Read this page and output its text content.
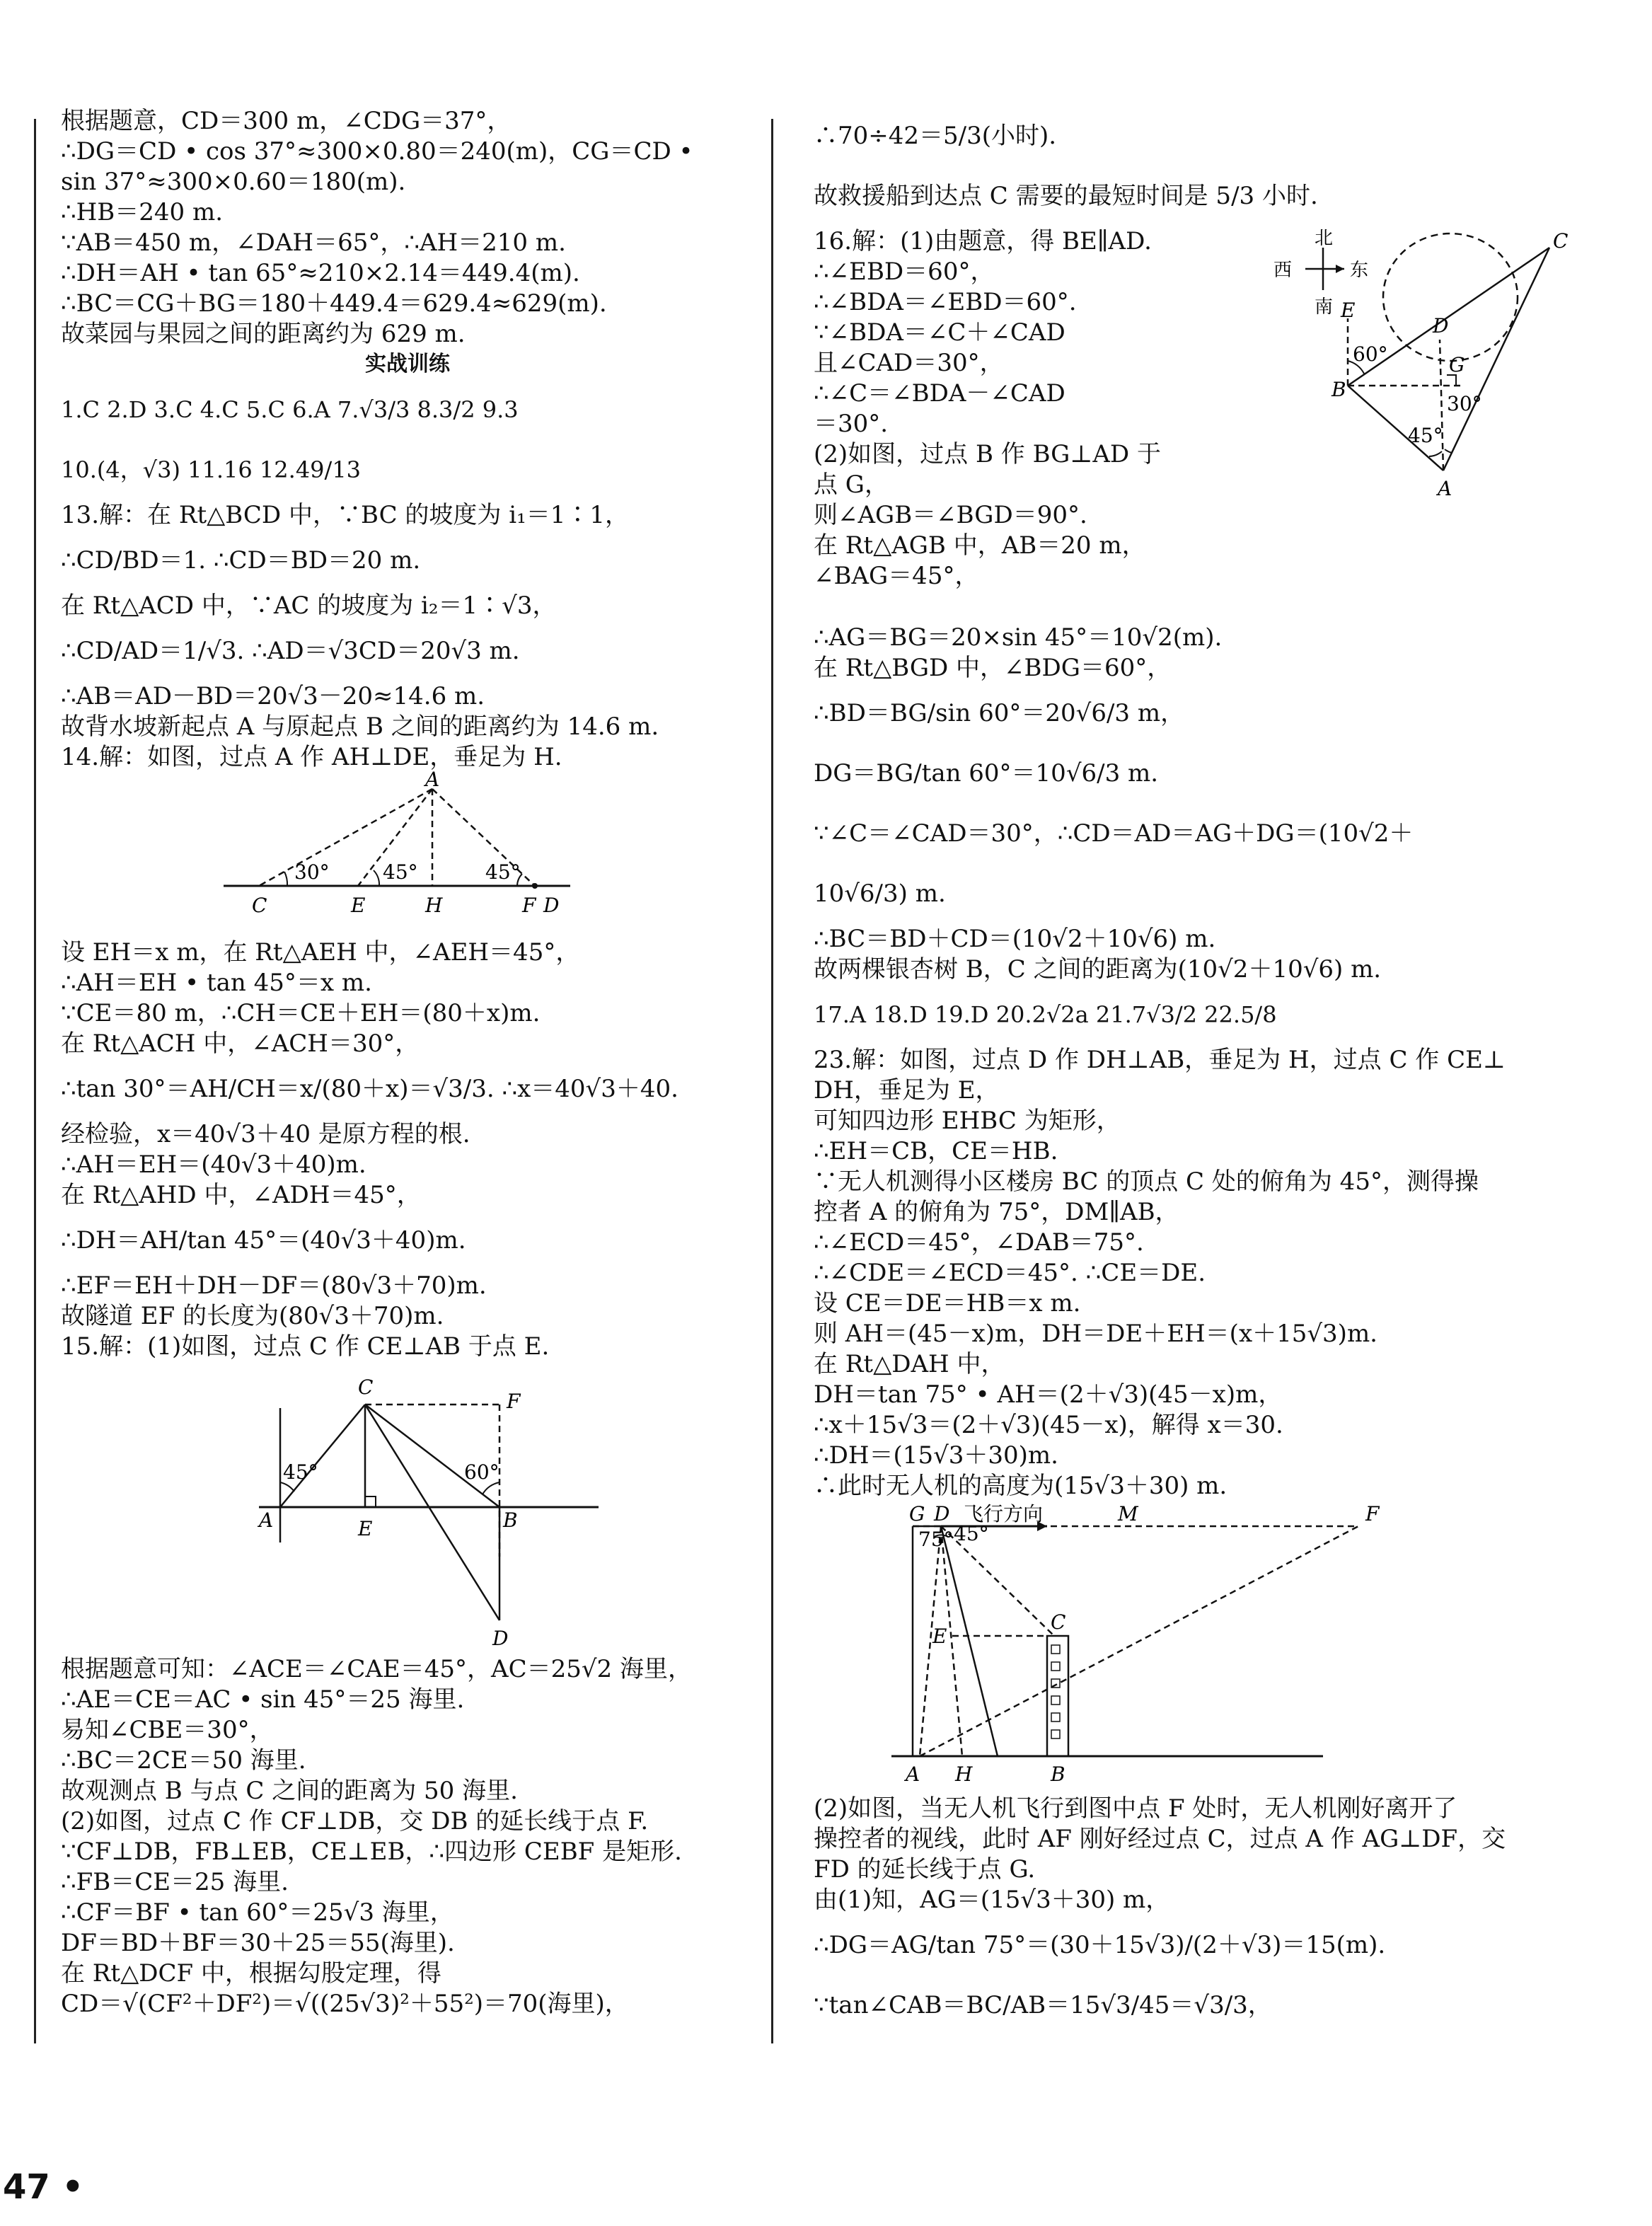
根据题意，CD＝300 m，∠CDG＝37°，
∴DG＝CD • cos 37°≈300×0.80＝240(m)，CG＝CD •
sin 37°≈300×0.60＝180(m).
∴HB＝240 m.
∵AB＝450 m，∠DAH＝65°，∴AH＝210 m.
∴DH＝AH • tan 65°≈210×2.14＝449.4(m).
∴BC＝CG＋BG＝180＋449.4＝629.4≈629(m).
故菜园与果园之间的距离约为 629 m.
实战训练
1.C 2.D 3.C 4.C 5.C 6.A 7.√3/3 8.3/2 9.3
10.(4，√3) 11.16 12.49/13
13.解：在 Rt△BCD 中，∵BC 的坡度为 i₁＝1∶1，
∴CD/BD＝1. ∴CD＝BD＝20 m.
在 Rt△ACD 中，∵AC 的坡度为 i₂＝1∶√3，
∴CD/AD＝1/√3. ∴AD＝√3CD＝20√3 m.
∴AB＝AD－BD＝20√3－20≈14.6 m.
故背水坡新起点 A 与原起点 B 之间的距离约为 14.6 m.
14.解：如图，过点 A 作 AH⊥DE，垂足为 H.
A
C	E	H	F D
30°	45°	45°
设 EH＝x m，在 Rt△AEH 中，∠AEH＝45°，
∴AH＝EH • tan 45°＝x m.
∵CE＝80 m，∴CH＝CE＋EH＝(80＋x)m.
在 Rt△ACH 中，∠ACH＝30°，
∴tan 30°＝AH/CH＝x/(80＋x)＝√3/3. ∴x＝40√3＋40.
经检验，x＝40√3＋40 是原方程的根.
∴AH＝EH＝(40√3＋40)m.
在 Rt△AHD 中，∠ADH＝45°，
∴DH＝AH/tan 45°＝(40√3＋40)m.
∴EF＝EH＋DH－DF＝(80√3＋70)m.
故隧道 EF 的长度为(80√3＋70)m.
15.解：(1)如图，过点 C 作 CE⊥AB 于点 E.
C
F
A	E	B
D
45°	60°
根据题意可知：∠ACE＝∠CAE＝45°，AC＝25√2 海里，
∴AE＝CE＝AC • sin 45°＝25 海里.
易知∠CBE＝30°，
∴BC＝2CE＝50 海里.
故观测点 B 与点 C 之间的距离为 50 海里.
(2)如图，过点 C 作 CF⊥DB，交 DB 的延长线于点 F.
∵CF⊥DB，FB⊥EB，CE⊥EB，∴四边形 CEBF 是矩形.
∴FB＝CE＝25 海里.
∴CF＝BF • tan 60°＝25√3 海里，
DF＝BD＋BF＝30＋25＝55(海里).
在 Rt△DCF 中，根据勾股定理，得
CD＝√(CF²＋DF²)＝√((25√3)²＋55²)＝70(海里)，
∴70÷42＝5/3(小时).
故救援船到达点 C 需要的最短时间是 5/3 小时.
16.解：(1)由题意，得 BE∥AD.
∴∠EBD＝60°，
∴∠BDA＝∠EBD＝60°.
∵∠BDA＝∠C＋∠CAD
且∠CAD＝30°，
∴∠C＝∠BDA－∠CAD
＝30°.
(2)如图，过点 B 作 BG⊥AD 于
点 G，
则∠AGB＝∠BGD＝90°.
在 Rt△AGB 中，AB＝20 m，
∠BAG＝45°，
北
西	东
南
C
E
D
G
B
A
60°
30°
45°
∴AG＝BG＝20×sin 45°＝10√2(m).
在 Rt△BGD 中，∠BDG＝60°，
∴BD＝BG/sin 60°＝20√6/3 m，
DG＝BG/tan 60°＝10√6/3 m.
∵∠C＝∠CAD＝30°，∴CD＝AD＝AG＋DG＝(10√2＋
10√6/3) m.
∴BC＝BD＋CD＝(10√2＋10√6) m.
故两棵银杏树 B，C 之间的距离为(10√2＋10√6) m.
17.A 18.D 19.D 20.2√2a 21.7√3/2 22.5/8
23.解：如图，过点 D 作 DH⊥AB，垂足为 H，过点 C 作 CE⊥
DH，垂足为 E，
可知四边形 EHBC 为矩形，
∴EH＝CB，CE＝HB.
∵无人机测得小区楼房 BC 的顶点 C 处的俯角为 45°，测得操
控者 A 的俯角为 75°，DM∥AB，
∴∠ECD＝45°，∠DAB＝75°.
∴∠CDE＝∠ECD＝45°. ∴CE＝DE.
设 CE＝DE＝HB＝x m.
则 AH＝(45－x)m，DH＝DE＋EH＝(x＋15√3)m.
在 Rt△DAH 中，
DH＝tan 75° • AH＝(2＋√3)(45－x)m，
∴x＋15√3＝(2＋√3)(45－x)，解得 x＝30.
∴DH＝(15√3＋30)m.
∴此时无人机的高度为(15√3＋30) m.
G D	M	F
C
E
A H	B
75° 45°
飞行方向
(2)如图，当无人机飞行到图中点 F 处时，无人机刚好离开了
操控者的视线，此时 AF 刚好经过点 C，过点 A 作 AG⊥DF，交
FD 的延长线于点 G.
由(1)知，AG＝(15√3＋30) m，
∴DG＝AG/tan 75°＝(30＋15√3)/(2＋√3)＝15(m).
∵tan∠CAB＝BC/AB＝15√3/45＝√3/3，
47 •
